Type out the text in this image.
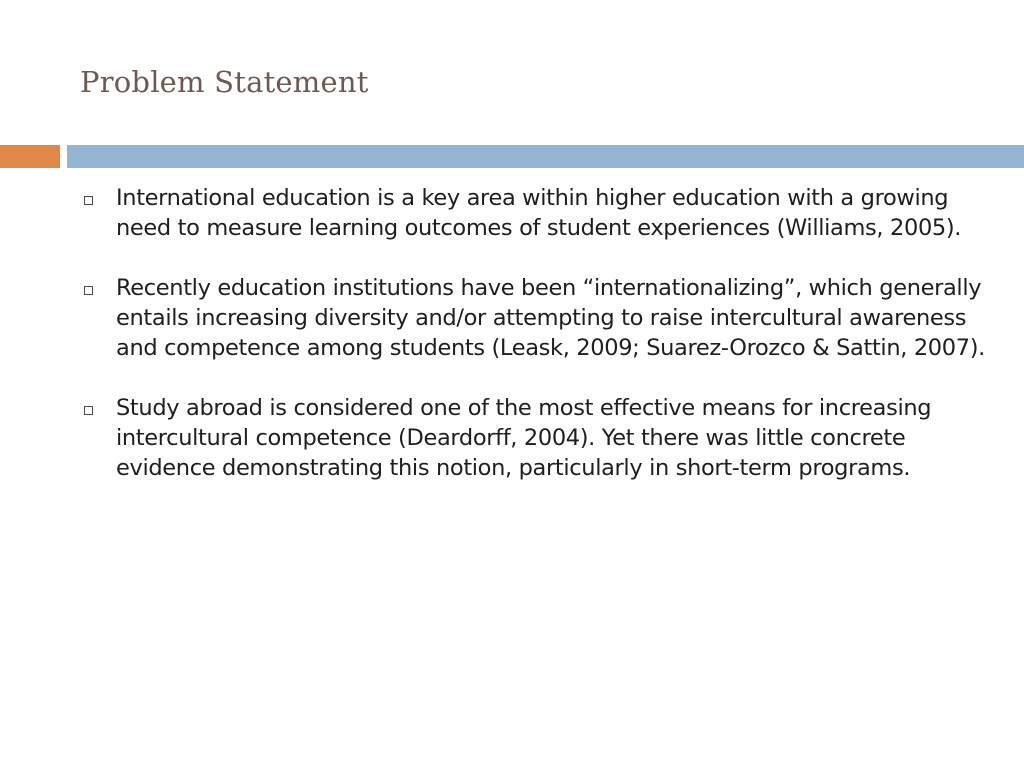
Problem Statement
International education is a key area within higher education with a growing need to measure learning outcomes of student experiences (Williams, 2005).
Recently education institutions have been “internationalizing”, which generally entails increasing diversity and/or attempting to raise intercultural awareness and competence among students (Leask, 2009; Suarez-Orozco & Sattin, 2007).
Study abroad is considered one of the most effective means for increasing intercultural competence (Deardorff, 2004). Yet there was little concrete evidence demonstrating this notion, particularly in short-term programs.
